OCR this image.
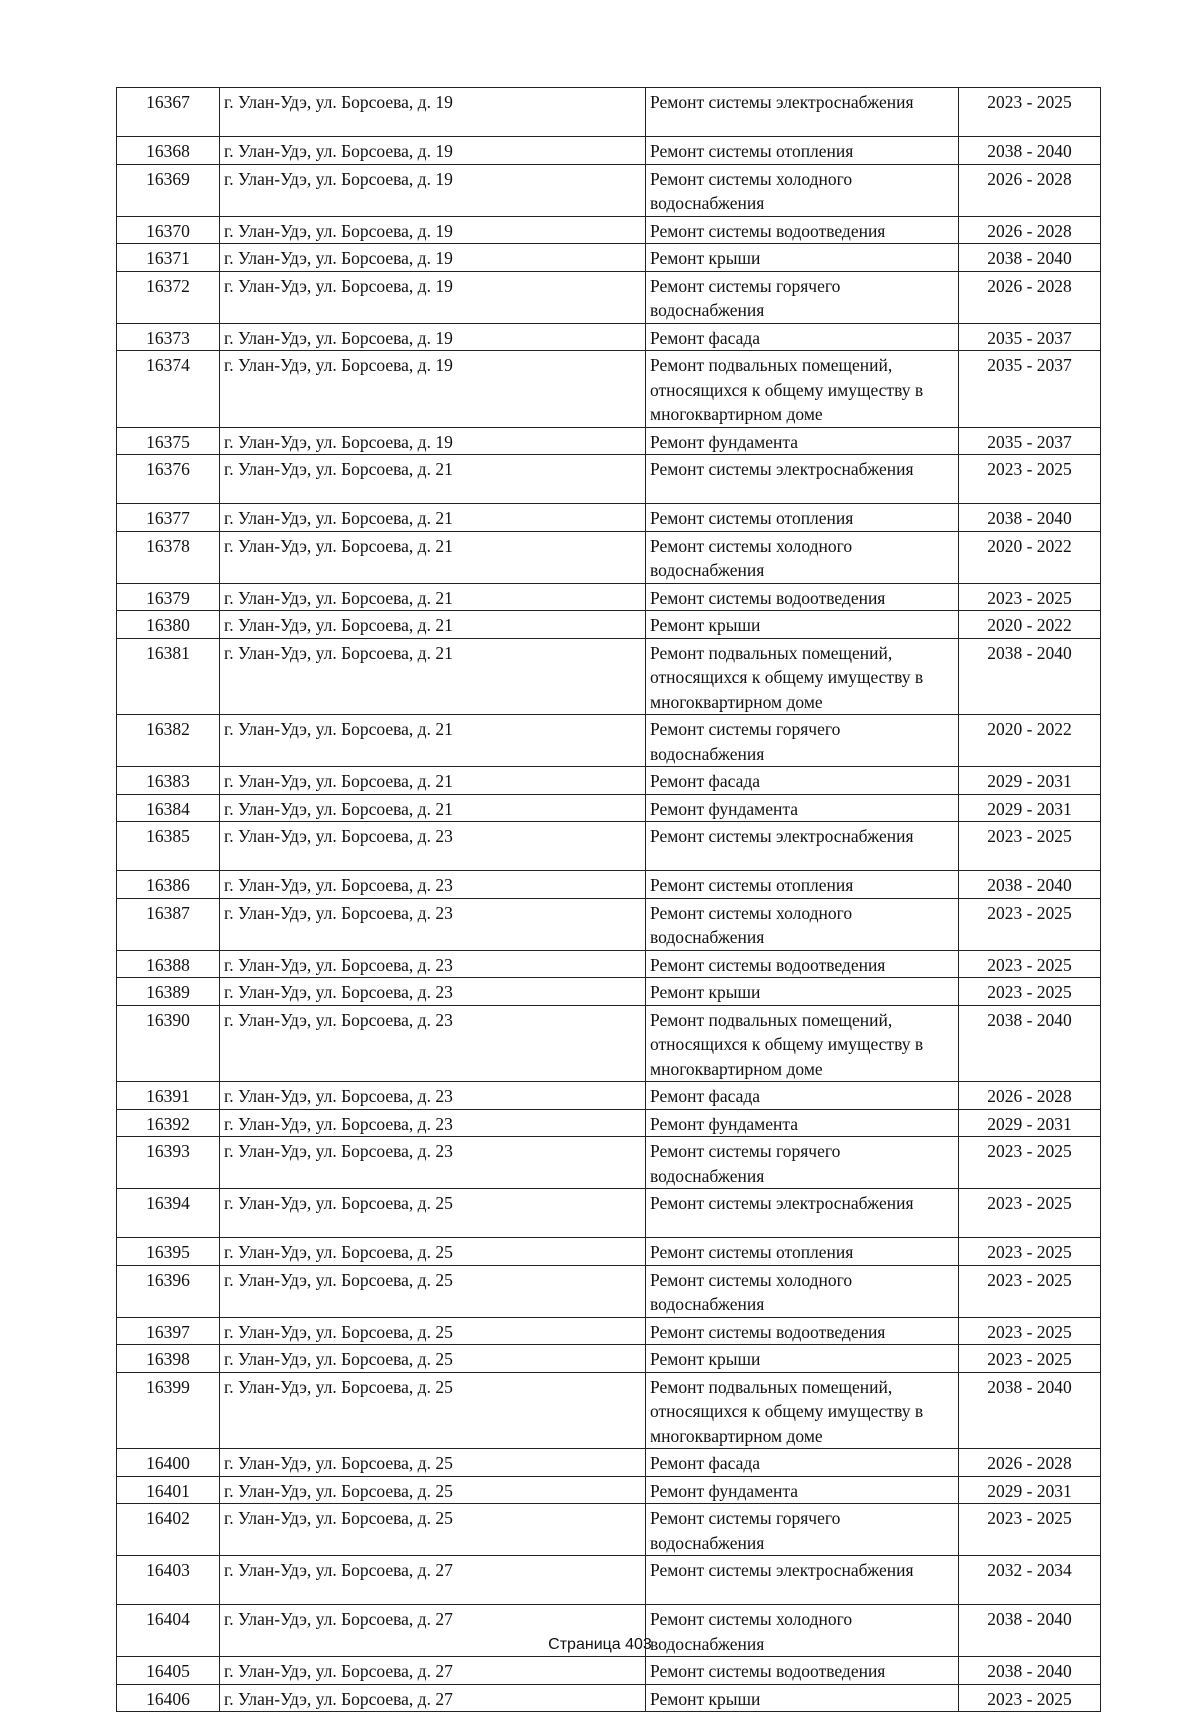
16367	г. Улан-Удэ, ул. Борсоева, д. 19	Ремонт системы электроснабжения	2023 - 2025
16368	г. Улан-Удэ, ул. Борсоева, д. 19	Ремонт системы отопления	2038 - 2040
16369	г. Улан-Удэ, ул. Борсоева, д. 19	Ремонт системы холодного водоснабжения	2026 - 2028
16370	г. Улан-Удэ, ул. Борсоева, д. 19	Ремонт системы водоотведения	2026 - 2028
16371	г. Улан-Удэ, ул. Борсоева, д. 19	Ремонт крыши	2038 - 2040
16372	г. Улан-Удэ, ул. Борсоева, д. 19	Ремонт системы горячего водоснабжения	2026 - 2028
16373	г. Улан-Удэ, ул. Борсоева, д. 19	Ремонт фасада	2035 - 2037
16374	г. Улан-Удэ, ул. Борсоева, д. 19	Ремонт подвальных помещений, относящихся к общему имуществу в многоквартирном доме	2035 - 2037
16375	г. Улан-Удэ, ул. Борсоева, д. 19	Ремонт фундамента	2035 - 2037
16376	г. Улан-Удэ, ул. Борсоева, д. 21	Ремонт системы электроснабжения	2023 - 2025
16377	г. Улан-Удэ, ул. Борсоева, д. 21	Ремонт системы отопления	2038 - 2040
16378	г. Улан-Удэ, ул. Борсоева, д. 21	Ремонт системы холодного водоснабжения	2020 - 2022
16379	г. Улан-Удэ, ул. Борсоева, д. 21	Ремонт системы водоотведения	2023 - 2025
16380	г. Улан-Удэ, ул. Борсоева, д. 21	Ремонт крыши	2020 - 2022
16381	г. Улан-Удэ, ул. Борсоева, д. 21	Ремонт подвальных помещений, относящихся к общему имуществу в многоквартирном доме	2038 - 2040
16382	г. Улан-Удэ, ул. Борсоева, д. 21	Ремонт системы горячего водоснабжения	2020 - 2022
16383	г. Улан-Удэ, ул. Борсоева, д. 21	Ремонт фасада	2029 - 2031
16384	г. Улан-Удэ, ул. Борсоева, д. 21	Ремонт фундамента	2029 - 2031
16385	г. Улан-Удэ, ул. Борсоева, д. 23	Ремонт системы электроснабжения	2023 - 2025
16386	г. Улан-Удэ, ул. Борсоева, д. 23	Ремонт системы отопления	2038 - 2040
16387	г. Улан-Удэ, ул. Борсоева, д. 23	Ремонт системы холодного водоснабжения	2023 - 2025
16388	г. Улан-Удэ, ул. Борсоева, д. 23	Ремонт системы водоотведения	2023 - 2025
16389	г. Улан-Удэ, ул. Борсоева, д. 23	Ремонт крыши	2023 - 2025
16390	г. Улан-Удэ, ул. Борсоева, д. 23	Ремонт подвальных помещений, относящихся к общему имуществу в многоквартирном доме	2038 - 2040
16391	г. Улан-Удэ, ул. Борсоева, д. 23	Ремонт фасада	2026 - 2028
16392	г. Улан-Удэ, ул. Борсоева, д. 23	Ремонт фундамента	2029 - 2031
16393	г. Улан-Удэ, ул. Борсоева, д. 23	Ремонт системы горячего водоснабжения	2023 - 2025
16394	г. Улан-Удэ, ул. Борсоева, д. 25	Ремонт системы электроснабжения	2023 - 2025
16395	г. Улан-Удэ, ул. Борсоева, д. 25	Ремонт системы отопления	2023 - 2025
16396	г. Улан-Удэ, ул. Борсоева, д. 25	Ремонт системы холодного водоснабжения	2023 - 2025
16397	г. Улан-Удэ, ул. Борсоева, д. 25	Ремонт системы водоотведения	2023 - 2025
16398	г. Улан-Удэ, ул. Борсоева, д. 25	Ремонт крыши	2023 - 2025
16399	г. Улан-Удэ, ул. Борсоева, д. 25	Ремонт подвальных помещений, относящихся к общему имуществу в многоквартирном доме	2038 - 2040
16400	г. Улан-Удэ, ул. Борсоева, д. 25	Ремонт фасада	2026 - 2028
16401	г. Улан-Удэ, ул. Борсоева, д. 25	Ремонт фундамента	2029 - 2031
16402	г. Улан-Удэ, ул. Борсоева, д. 25	Ремонт системы горячего водоснабжения	2023 - 2025
16403	г. Улан-Удэ, ул. Борсоева, д. 27	Ремонт системы электроснабжения	2032 - 2034
16404	г. Улан-Удэ, ул. Борсоева, д. 27	Ремонт системы холодного водоснабжения	2038 - 2040
16405	г. Улан-Удэ, ул. Борсоева, д. 27	Ремонт системы водоотведения	2038 - 2040
16406	г. Улан-Удэ, ул. Борсоева, д. 27	Ремонт крыши	2023 - 2025
Страница 403
